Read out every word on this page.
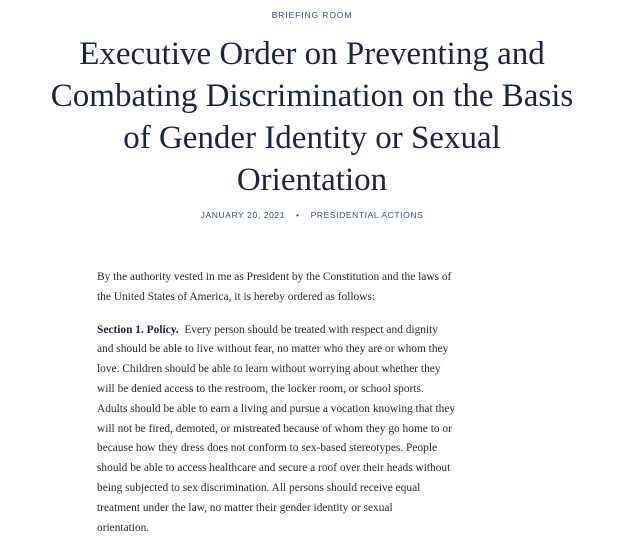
BRIEFING ROOM
Executive Order on Preventing and
Combating Discrimination on the Basis
of Gender Identity or Sexual
Orientation
JANUARY 20, 2021 • PRESIDENTIAL ACTIONS

By the authority vested in me as President by the Constitution and the laws of
the United States of America, it is hereby ordered as follows:

Section 1. Policy.  Every person should be treated with respect and dignity
and should be able to live without fear, no matter who they are or whom they
love. Children should be able to learn without worrying about whether they
will be denied access to the restroom, the locker room, or school sports.
Adults should be able to earn a living and pursue a vocation knowing that they
will not be fired, demoted, or mistreated because of whom they go home to or
because how they dress does not conform to sex-based stereotypes. People
should be able to access healthcare and secure a roof over their heads without
being subjected to sex discrimination. All persons should receive equal
treatment under the law, no matter their gender identity or sexual
orientation.
